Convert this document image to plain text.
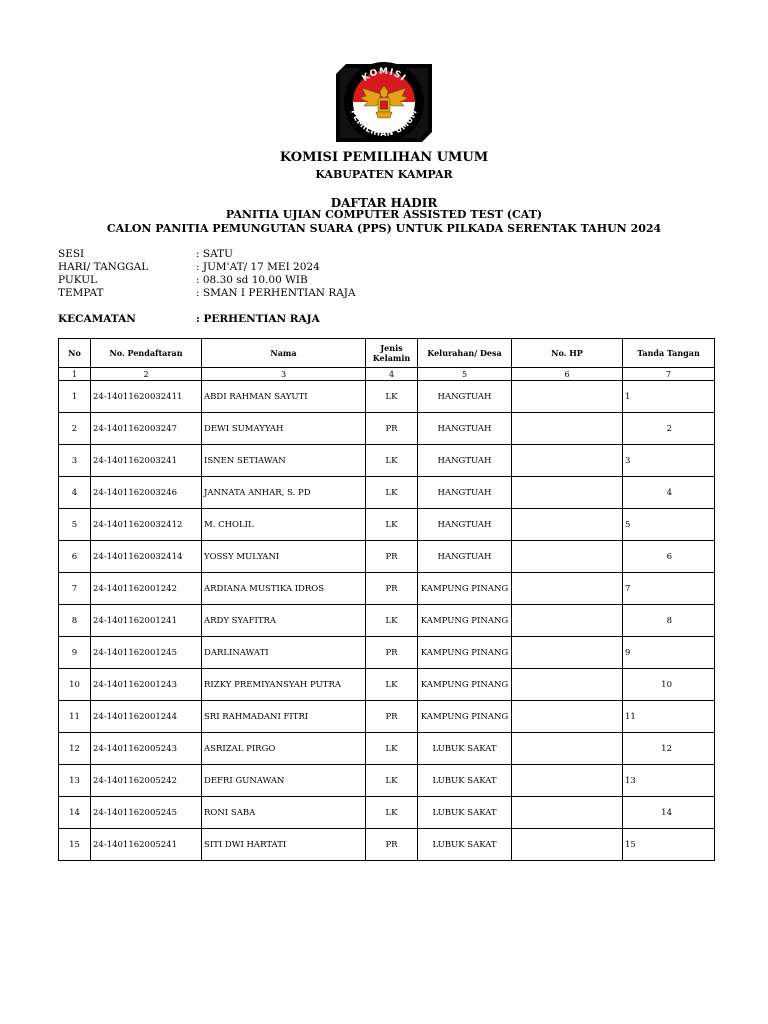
KOMISI
PEMILIHAN UMUM
KOMISI PEMILIHAN UMUM
KABUPATEN KAMPAR
DAFTAR HADIR
PANITIA UJIAN COMPUTER ASSISTED TEST (CAT)
CALON PANITIA PEMUNGUTAN SUARA (PPS) UNTUK PILKADA SERENTAK TAHUN 2024
SESI	: SATU
HARI/ TANGGAL	: JUM'AT/ 17 MEI 2024
PUKUL	: 08.30 sd 10.00 WIB
TEMPAT	: SMAN I PERHENTIAN RAJA
KECAMATAN	: PERHENTIAN RAJA
No	No. Pendaftaran	Nama	Jenis Kelamin	Kelurahan/ Desa	No. HP	Tanda Tangan
1	2	3	4	5	6	7
1	24-14011620032411	ABDI RAHMAN SAYUTI	LK	HANGTUAH		1
2	24-1401162003247	DEWI SUMAYYAH	PR	HANGTUAH		2
3	24-1401162003241	ISNEN SETIAWAN	LK	HANGTUAH		3
4	24-1401162003246	JANNATA ANHAR, S. PD	LK	HANGTUAH		4
5	24-14011620032412	M. CHOLIL	LK	HANGTUAH		5
6	24-14011620032414	YOSSY MULYANI	PR	HANGTUAH		6
7	24-1401162001242	ARDIANA MUSTIKA IDROS	PR	KAMPUNG PINANG		7
8	24-1401162001241	ARDY SYAFITRA	LK	KAMPUNG PINANG		8
9	24-1401162001245	DARLINAWATI	PR	KAMPUNG PINANG		9
10	24-1401162001243	RIZKY PREMIYANSYAH PUTRA	LK	KAMPUNG PINANG		10
11	24-1401162001244	SRI RAHMADANI FITRI	PR	KAMPUNG PINANG		11
12	24-1401162005243	ASRIZAL PIRGO	LK	LUBUK SAKAT		12
13	24-1401162005242	DEFRI GUNAWAN	LK	LUBUK SAKAT		13
14	24-1401162005245	RONI SABA	LK	LUBUK SAKAT		14
15	24-1401162005241	SITI DWI HARTATI	PR	LUBUK SAKAT		15
